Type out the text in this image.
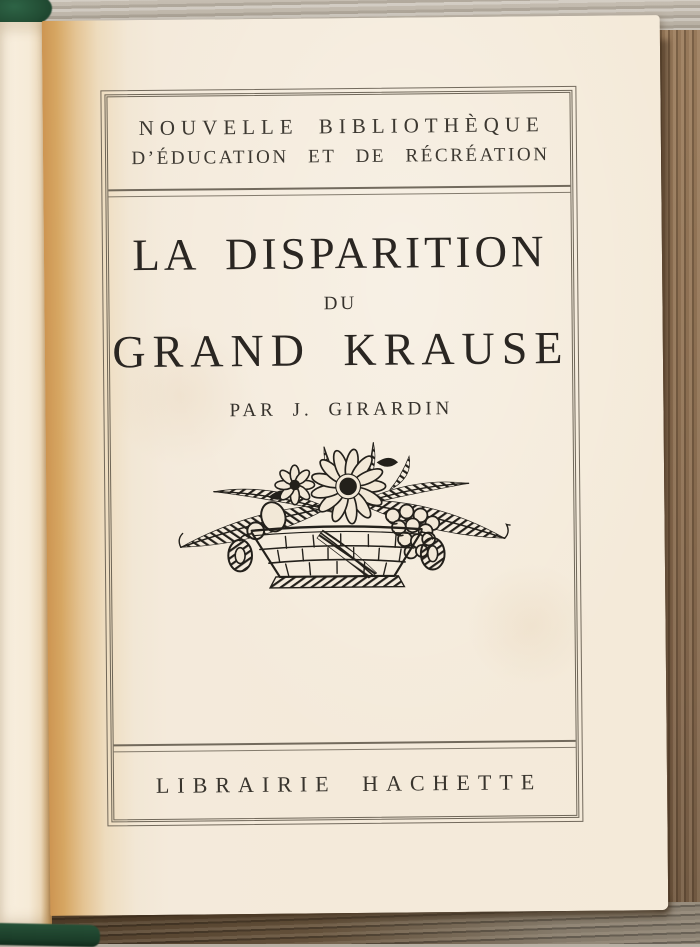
NOUVELLE BIBLIOTHÈQUE
D’ÉDUCATION ET DE RÉCRÉATION
LA DISPARITION
DU
GRAND KRAUSE
PAR J. GIRARDIN
LIBRAIRIE HACHETTE
